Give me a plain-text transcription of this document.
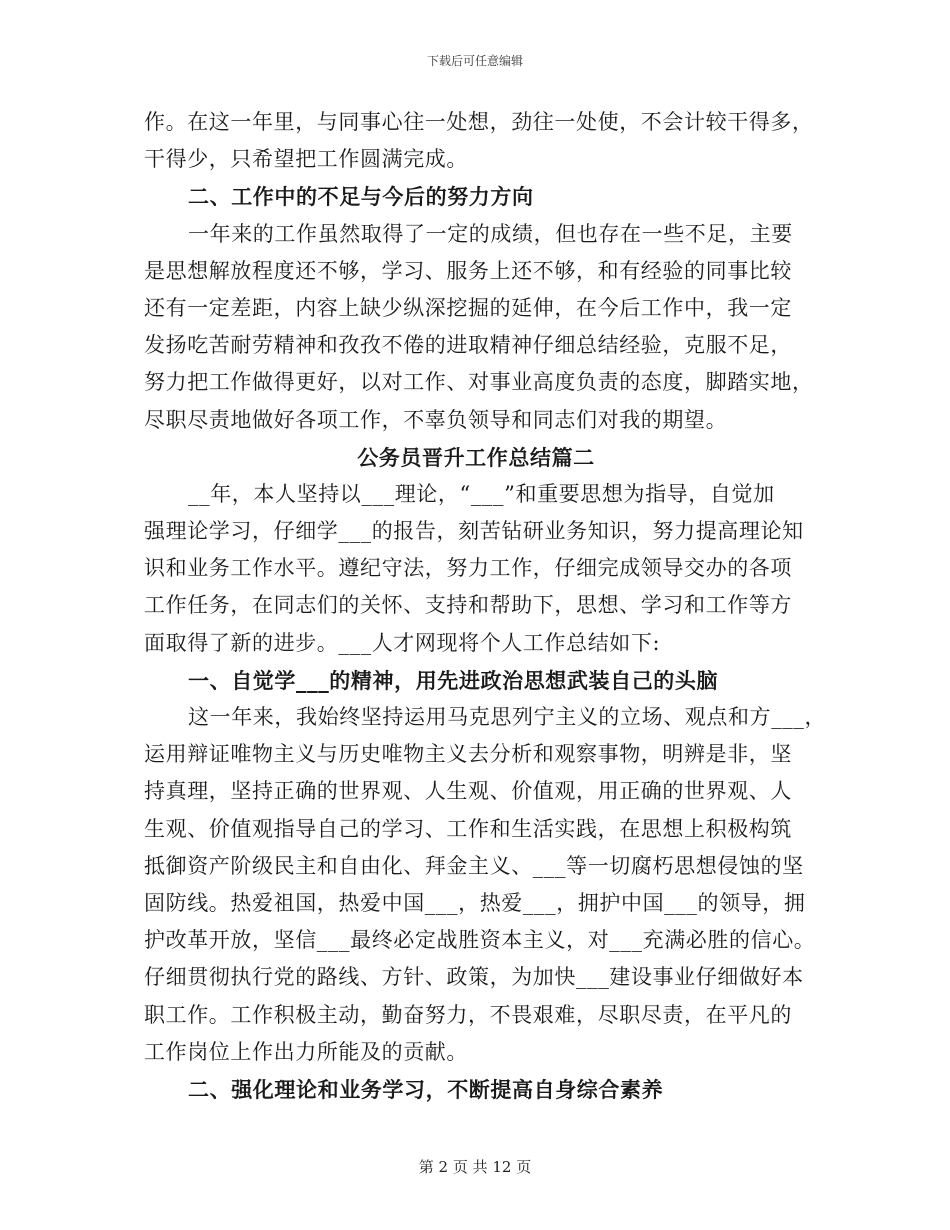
下载后可任意编辑
作。在这一年里，与同事心往一处想，劲往一处使，不会计较干得多，
干得少，只希望把工作圆满完成。
二、工作中的不足与今后的努力方向
一年来的工作虽然取得了一定的成绩，但也存在一些不足，主要
是思想解放程度还不够，学习、服务上还不够，和有经验的同事比较
还有一定差距，内容上缺少纵深挖掘的延伸，在今后工作中，我一定
发扬吃苦耐劳精神和孜孜不倦的进取精神仔细总结经验，克服不足，
努力把工作做得更好，以对工作、对事业高度负责的态度，脚踏实地，
尽职尽责地做好各项工作，不辜负领导和同志们对我的期望。
公务员晋升工作总结篇二
__年，本人坚持以___理论，“___”和重要思想为指导，自觉加
强理论学习，仔细学___的报告，刻苦钻研业务知识，努力提高理论知
识和业务工作水平。遵纪守法，努力工作，仔细完成领导交办的各项
工作任务，在同志们的关怀、支持和帮助下，思想、学习和工作等方
面取得了新的进步。___人才网现将个人工作总结如下:
一、自觉学___的精神，用先进政治思想武装自己的头脑
这一年来，我始终坚持运用马克思列宁主义的立场、观点和方___，
运用辩证唯物主义与历史唯物主义去分析和观察事物，明辨是非，坚
持真理，坚持正确的世界观、人生观、价值观，用正确的世界观、人
生观、价值观指导自己的学习、工作和生活实践，在思想上积极构筑
抵御资产阶级民主和自由化、拜金主义、___等一切腐朽思想侵蚀的坚
固防线。热爱祖国，热爱中国___，热爱___，拥护中国___的领导，拥
护改革开放，坚信___最终必定战胜资本主义，对___充满必胜的信心。
仔细贯彻执行党的路线、方针、政策，为加快___建设事业仔细做好本
职工作。工作积极主动，勤奋努力，不畏艰难，尽职尽责，在平凡的
工作岗位上作出力所能及的贡献。
二、强化理论和业务学习，不断提高自身综合素养
第 2 页 共 12 页
